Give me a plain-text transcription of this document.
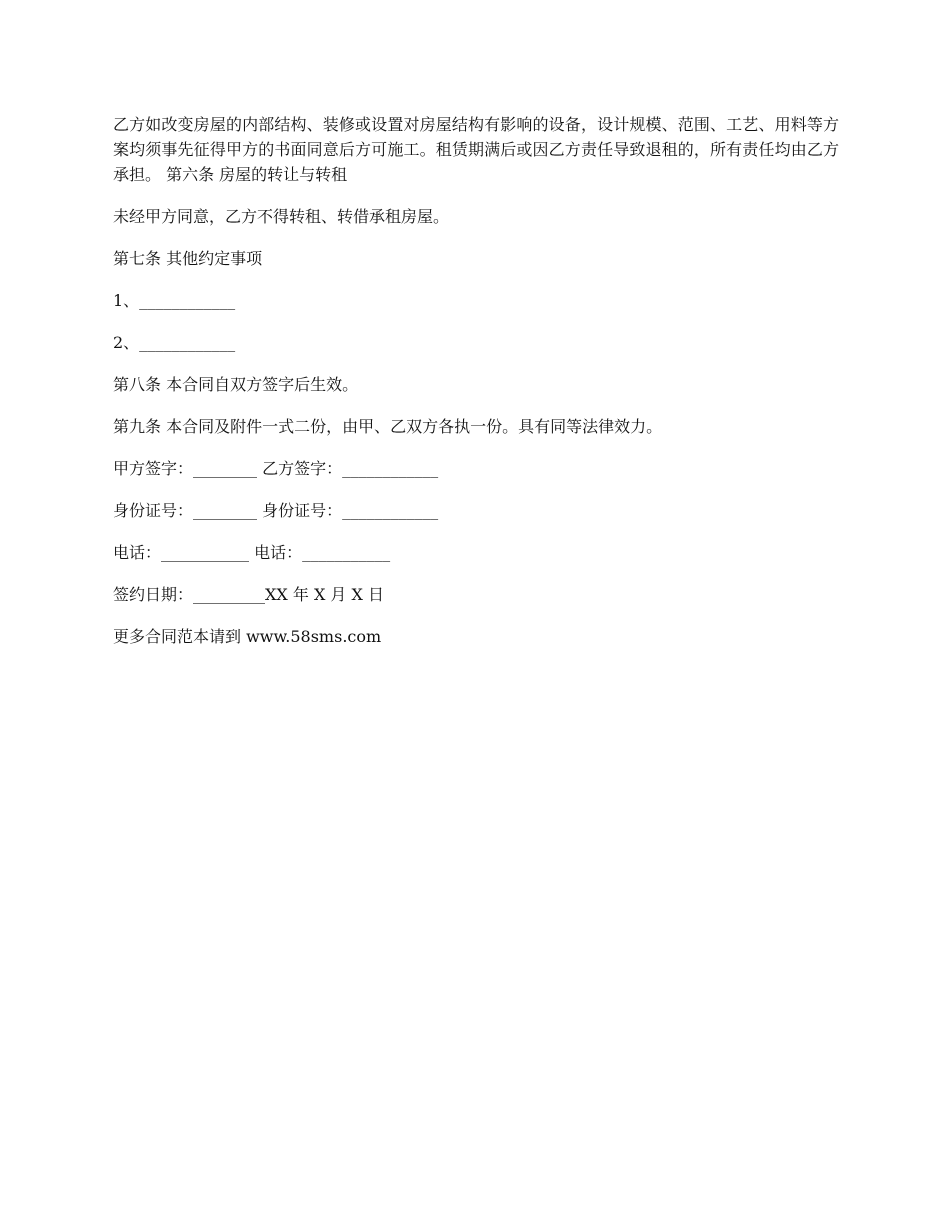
乙方如改变房屋的内部结构、装修或设置对房屋结构有影响的设备，设计规模、范围、工艺、用料等方案均须事先征得甲方的书面同意后方可施工。租赁期满后或因乙方责任导致退租的，所有责任均由乙方承担。 第六条 房屋的转让与转租

未经甲方同意，乙方不得转租、转借承租房屋。

第七条 其他约定事项

1、____________

2、____________

第八条 本合同自双方签字后生效。

第九条 本合同及附件一式二份，由甲、乙双方各执一份。具有同等法律效力。

甲方签字：________ 乙方签字：____________

身份证号：________ 身份证号：____________

电话：___________ 电话：___________

签约日期：_________XX 年 X 月 X 日

更多合同范本请到 www.58sms.com
